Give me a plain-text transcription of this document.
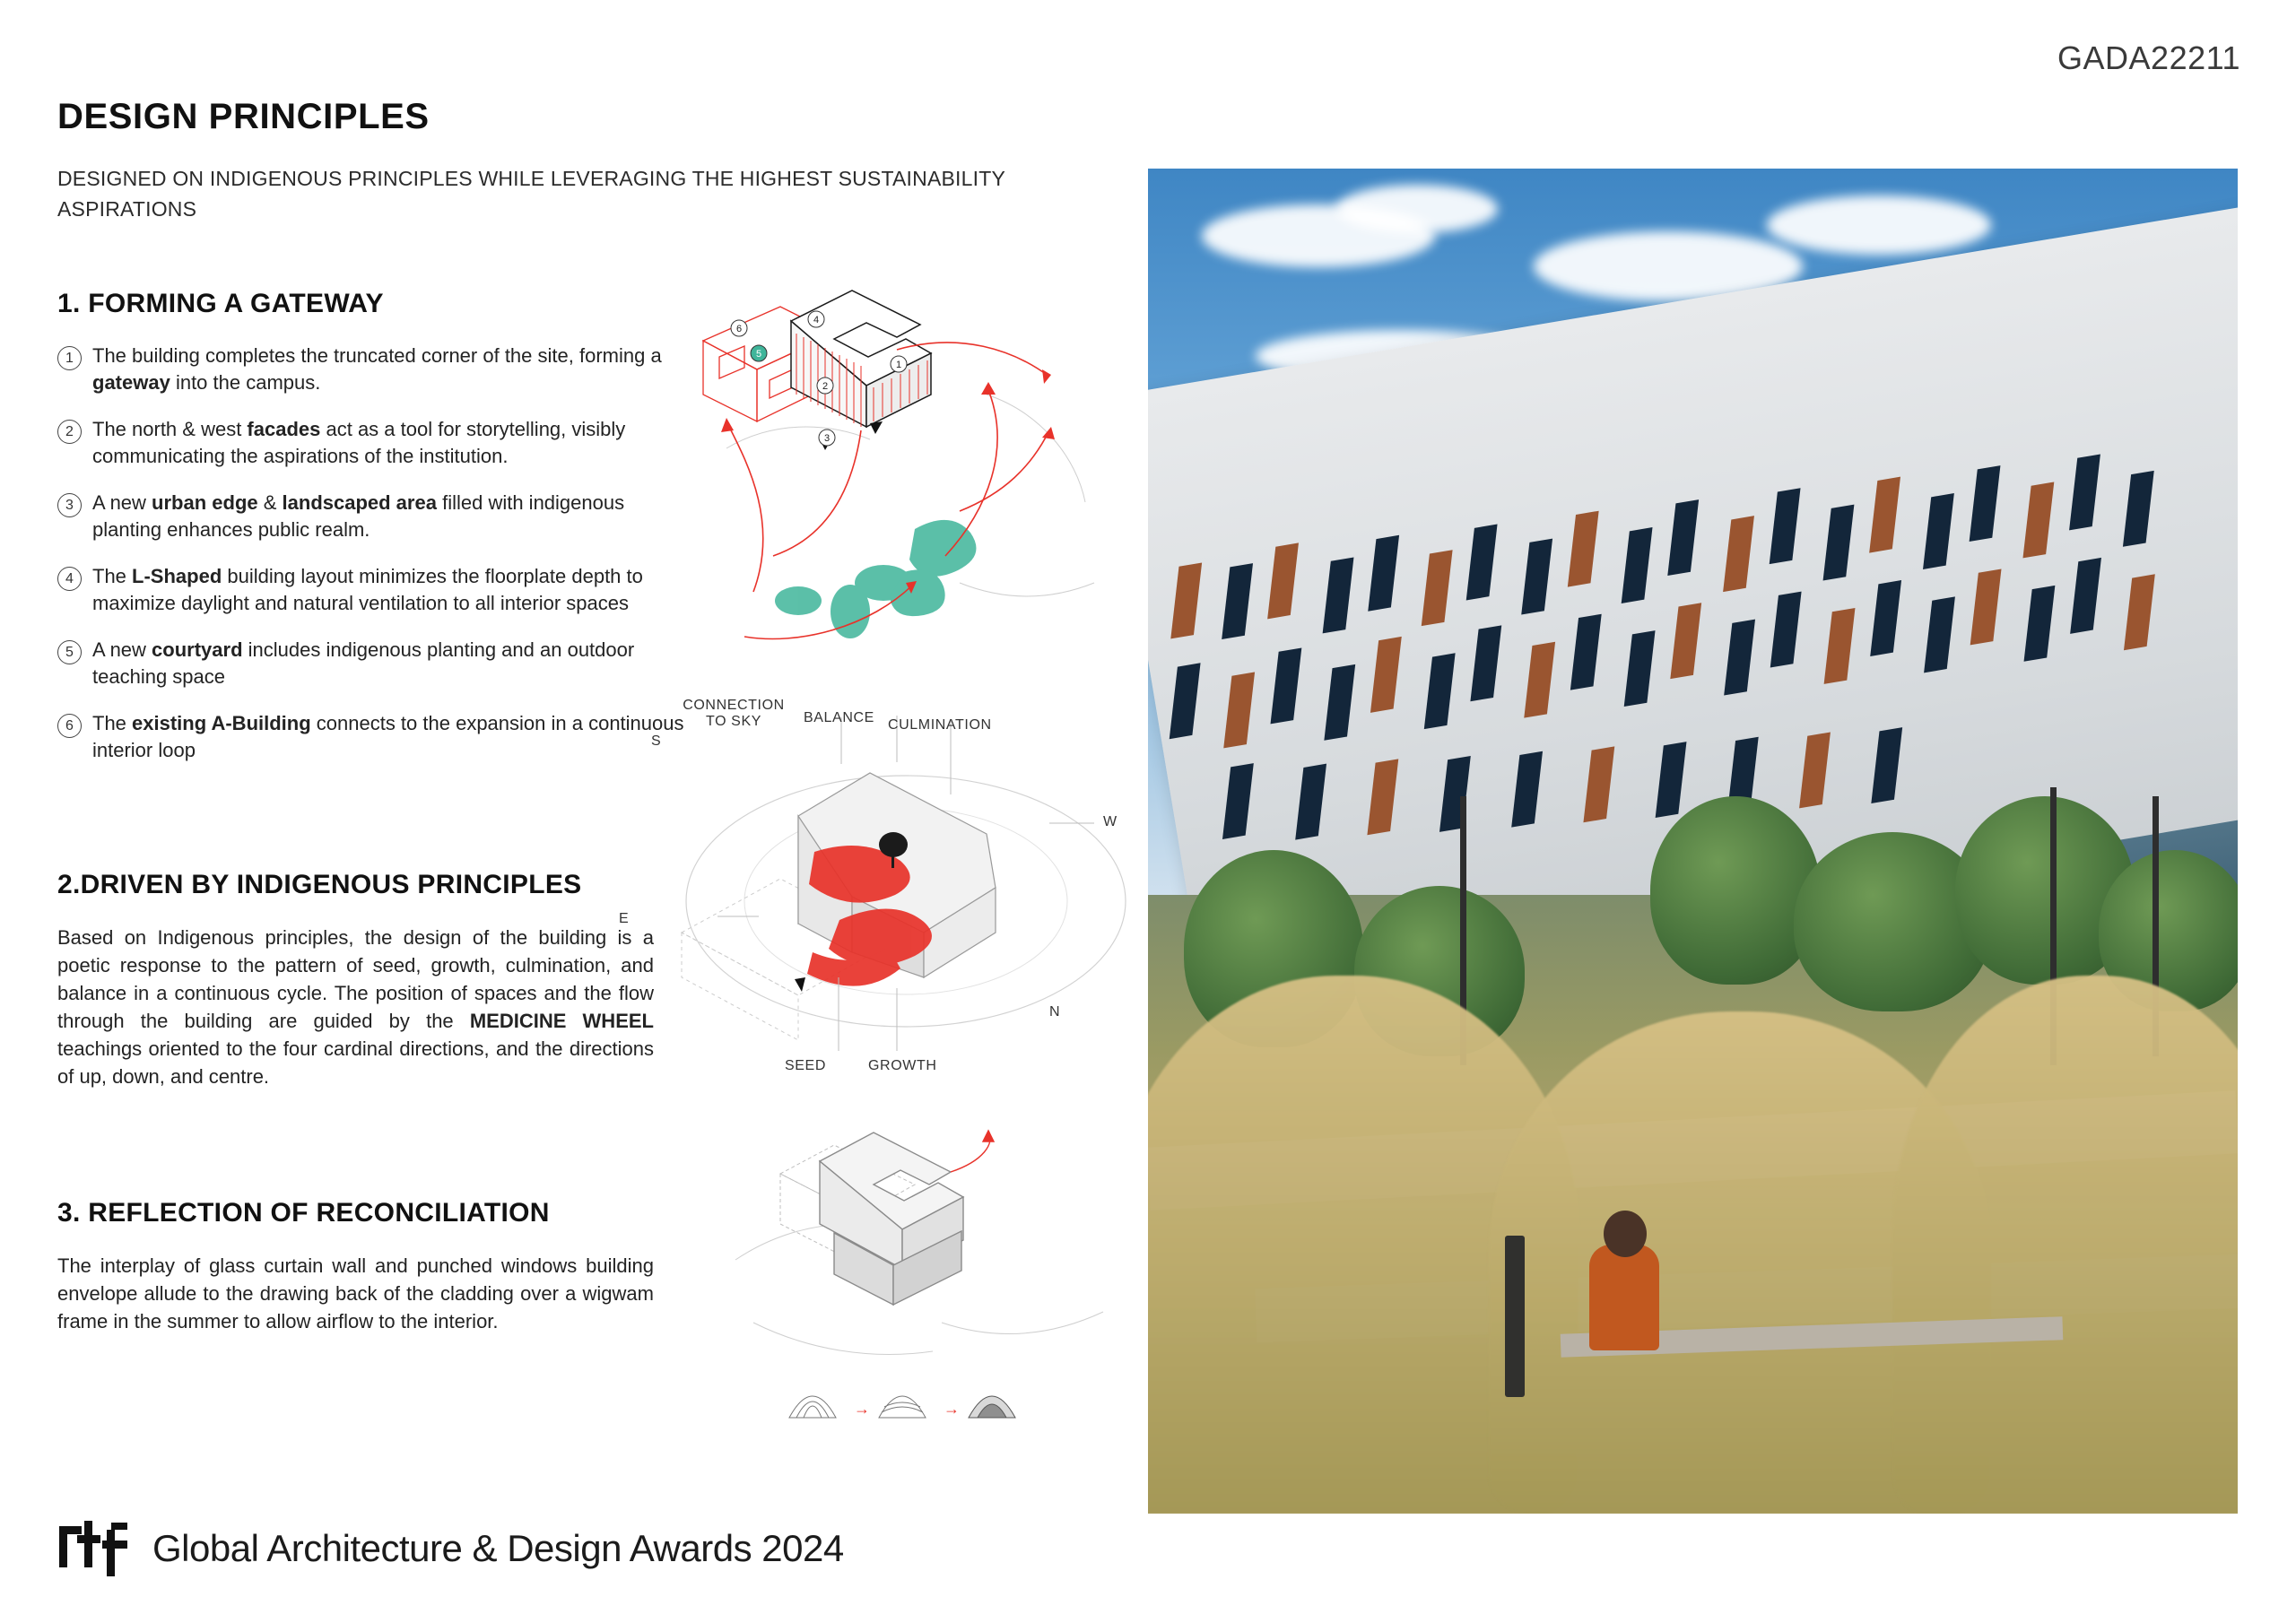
GADA22211
DESIGN PRINCIPLES
DESIGNED ON INDIGENOUS PRINCIPLES WHILE LEVERAGING THE HIGHEST SUSTAINABILITY ASPIRATIONS
1. FORMING A GATEWAY
1 The building completes the truncated corner of the site, forming a gateway into the campus.
2 The north & west facades act as a tool for storytelling, visibly communicating the aspirations of the institution.
3 A new urban edge & landscaped area filled with indigenous planting enhances public realm.
4 The L-Shaped building layout minimizes the floorplate depth to maximize daylight and natural ventilation to all interior spaces
5 A new courtyard includes indigenous planting and an outdoor teaching space
6 The existing A-Building connects to the expansion in a continuous interior loop
2.DRIVEN BY INDIGENOUS PRINCIPLES
Based on Indigenous principles, the design of the building is a poetic response to the pattern of seed, growth, culmination, and balance in a continuous cycle. The position of spaces and the flow through the building are guided by the MEDICINE WHEEL teachings oriented to the four cardinal directions, and the directions of up, down, and centre.
3. REFLECTION OF RECONCILIATION
The interplay of glass curtain wall and punched windows building envelope allude to the drawing back of the cladding over a wigwam frame in the summer to allow airflow to the interior.
6
4
5
2
3
1
CONNECTION TO SKY	BALANCE CULMINATION
SEED	GROWTH
S
W
E
N
→	→
Global Architecture & Design Awards 2024
